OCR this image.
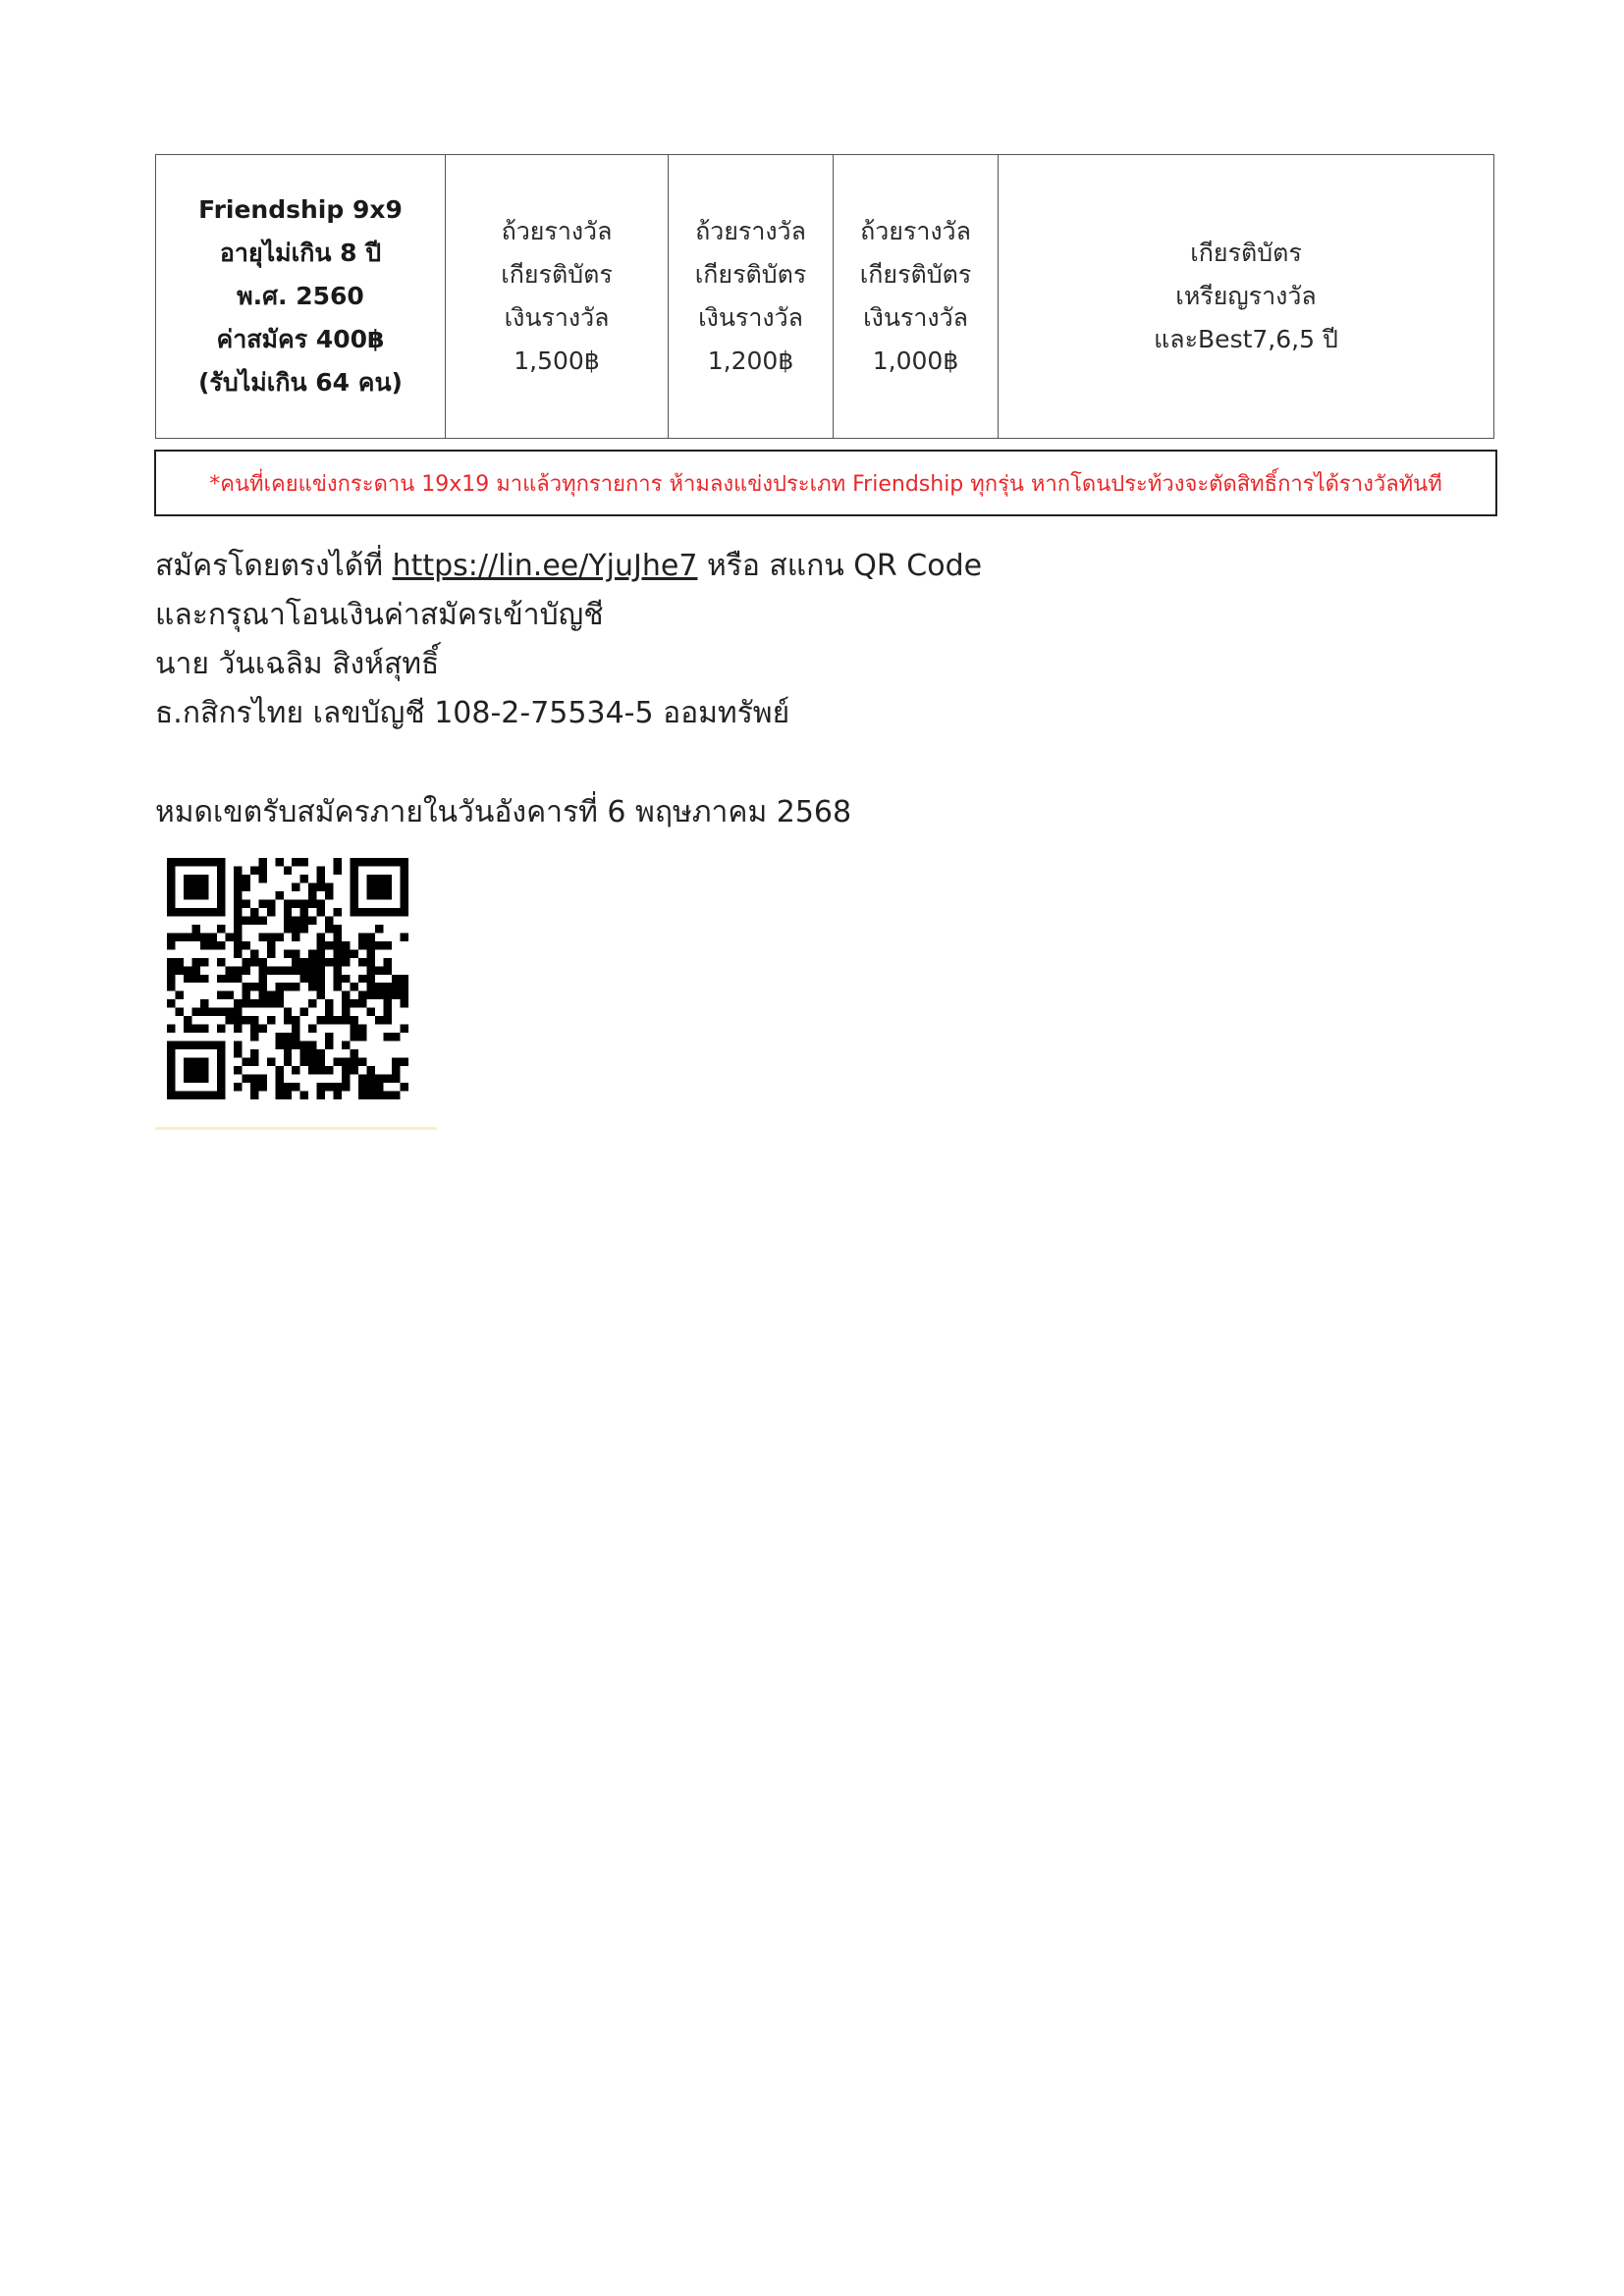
Friendship 9x9
อายุไม่เกิน 8 ปี
พ.ศ. 2560
ค่าสมัคร 400฿
(รับไม่เกิน 64 คน)

ถ้วยรางวัล
เกียรติบัตร
เงินรางวัล
1,500฿

ถ้วยรางวัล
เกียรติบัตร
เงินรางวัล
1,200฿

ถ้วยรางวัล
เกียรติบัตร
เงินรางวัล
1,000฿

เกียรติบัตร
เหรียญรางวัล
และBest7,6,5 ปี
*คนที่เคยแข่งกระดาน 19x19 มาแล้วทุกรายการ ห้ามลงแข่งประเภท Friendship ทุกรุ่น หากโดนประท้วงจะตัดสิทธิ์การได้รางวัลทันที
สมัครโดยตรงได้ที่ https://lin.ee/YjuJhe7 หรือ สแกน QR Code
และกรุณาโอนเงินค่าสมัครเข้าบัญชี
นาย วันเฉลิม สิงห์สุทธิ์
ธ.กสิกรไทย เลขบัญชี 108-2-75534-5 ออมทรัพย์
หมดเขตรับสมัครภายในวันอังคารที่ 6 พฤษภาคม 2568
